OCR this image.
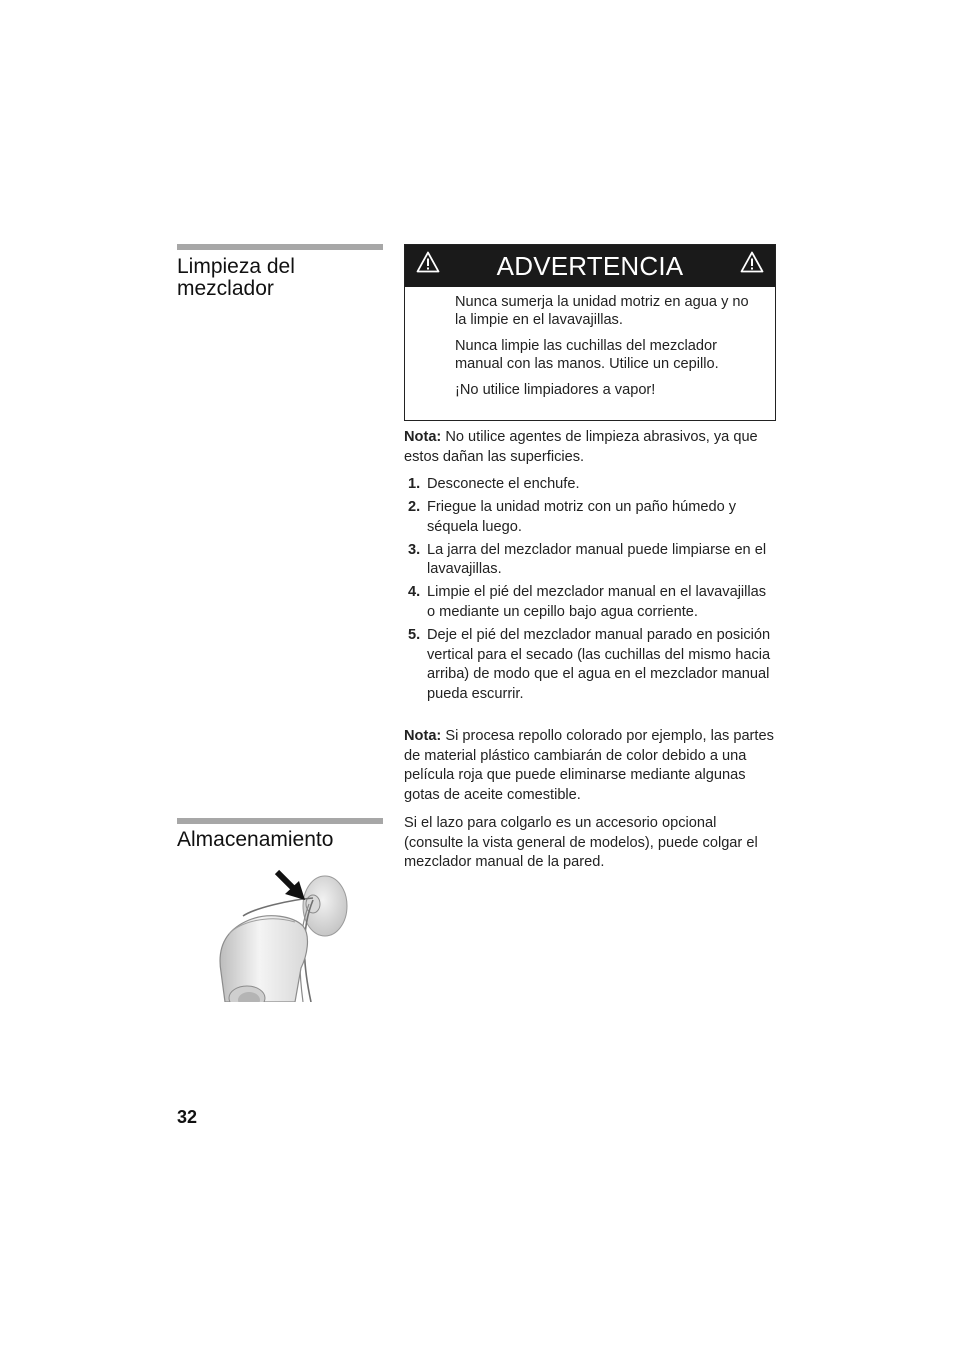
Limpieza del
mezclador
ADVERTENCIA

Nunca sumerja la unidad motriz en agua y no la limpie en el lavavajillas.

Nunca limpie las cuchillas del mezclador manual con las manos. Utilice un cepillo.

¡No utilice limpiadores a vapor!

Nota: No utilice agentes de limpieza abrasivos, ya que estos dañan las superficies.

1. Desconecte el enchufe.
2. Friegue la unidad motriz con un paño húmedo y séquela luego.
3. La jarra del mezclador manual puede limpiarse en el lavavajillas.
4. Limpie el pié del mezclador manual en el lavavajillas o mediante un cepillo bajo agua corriente.
5. Deje el pié del mezclador manual parado en posición vertical para el secado (las cuchillas del mismo hacia arriba) de modo que el agua en el mezclador manual pueda escurrir.

Nota: Si procesa repollo colorado por ejemplo, las partes de material plástico cambiarán de color debido a una película roja que puede eliminarse mediante algunas gotas de aceite comestible.

Almacenamiento

Si el lazo para colgarlo es un accesorio opcional (consulte la vista general de modelos), puede colgar el mezclador manual de la pared.

32
